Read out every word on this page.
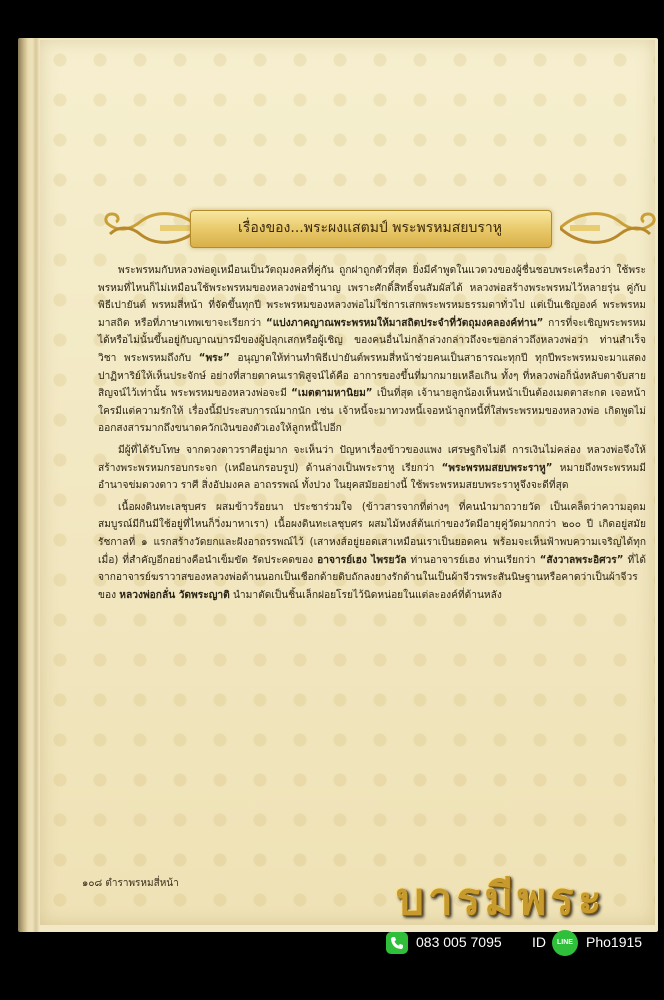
เรื่องของ...พระผงแสตมป์ พระพรหมสยบราหู

พระพรหมกับหลวงพ่อดูเหมือนเป็นวัตถุมงคลที่คู่กัน ถูกฝาถูกตัวที่สุด ยิ่งมีคำพูดในแวดวงของผู้ชื่นชอบพระเครื่องว่า ใช้พระพรหมที่ไหนก็ไม่เหมือนใช้พระพรหมของหลวงพ่อชำนาญ เพราะศักดิ์สิทธิ์จนสัมผัสได้ หลวงพ่อสร้างพระพรหมไว้หลายรุ่น คู่กับพิธีเปายันต์ พรหมสี่หน้า ที่จัดขึ้นทุกปี พระพรหมของหลวงพ่อไม่ใช่การเสกพระพรหมธรรมดาทั่วไป แต่เป็นเชิญองค์ พระพรหมมาสถิต หรือที่ภาษาเทพเขาจะเรียกว่า “แบ่งภาคญาณพระพรหมให้มาสถิตประจำที่วัตถุมงคลองค์ท่าน” การที่จะเชิญพระพรหมได้หรือไม่นั้นขึ้นอยู่กับญาณบารมีของผู้ปลุกเสกหรือผู้เชิญ ของคนอื่นไม่กล้าล่วงกล่าวถึงจะขอกล่าวถึงหลวงพ่อว่า ท่านสำเร็จวิชา พระพรหมถึงกับ “พระ” อนุญาตให้ท่านทำพิธีเปายันต์พรหมสี่หน้าช่วยคนเป็นสาธารณะทุกปี ทุกปีพระพรหมจะมาแสดงปาฏิหาริย์ให้เห็นประจักษ์ อย่างที่สายตาคนเราพิสูจน์ได้คือ อาการของขึ้นที่มากมายเหลือเกิน ทั้งๆ ที่หลวงพ่อก็นั่งหลับตาจับสายสิญจน์ไว้เท่านั้น พระพรหมของหลวงพ่อจะมี “เมตตามหานิยม” เป็นที่สุด เจ้านายลูกน้องเห็นหน้าเป็นต้องเมตตาสะกด เจอหน้าใครมีแต่ความรักให้ เรื่องนี้มีประสบการณ์มากนัก เช่น เจ้าหนี้จะมาทวงหนี้เจอหน้าลูกหนี้ที่ใส่พระพรหมของหลวงพ่อ เกิดพูดไม่ออกสงสารมากถึงขนาดควักเงินของตัวเองให้ลูกหนี้ไปอีก

มีผู้ที่ได้รับโทษ จากดวงดาวราศีอยู่มาก จะเห็นว่า ปัญหาเรื่องข้าวของแพง เศรษฐกิจไม่ดี การเงินไม่คล่อง หลวงพ่อจึงให้สร้างพระพรหมกรอบกระจก (เหมือนกรอบรูป) ด้านล่างเป็นพระราหู เรียกว่า “พระพรหมสยบพระราหู” หมายถึงพระพรหมมีอำนาจข่มดวงดาว ราศี สิ่งอัปมงคล อาถรรพณ์ ทั้งปวง ในยุคสมัยอย่างนี้ ใช้พระพรหมสยบพระราหูจึงจะดีที่สุด

เนื้อผงดินทะเลชุบศร ผสมข้าวร้อยนา ประชาร่วมใจ (ข้าวสารจากที่ต่างๆ ที่คนนำมาถวายวัด เป็นเคล็ดว่าความอุดมสมบูรณ์มีกินมีใช้อยู่ที่ไหนก็วิ่งมาหาเรา) เนื้อผงดินทะเลชุบศร ผสมไม้หงส์ต้นเก่าของวัดมีอายุคู่วัดมากกว่า ๒๐๐ ปี เกิดอยู่สมัยรัชกาลที่ ๑ แรกสร้างวัดยกและฝังอาถรรพณ์ไว้ (เสาหงส์อยู่ยอดเสาเหมือนเราเป็นยอดคน พร้อมจะเห็นฟ้าพบความเจริญได้ทุกเมื่อ) ที่สำคัญอีกอย่างคือนำเข็มขัด รัดประคดของ อาจารย์เฮง ไพรยวัล ท่านอาจารย์เฮง ท่านเรียกว่า “สังวาลพระอิศวร” ที่ได้จากอาจารย์ฆราวาสของหลวงพ่อด้านนอกเป็นเชือกด้ายดิบถักลงยางรักด้านในเป็นผ้าจีวรพระสันนิษฐานหรือคาดว่าเป็นผ้าจีวรของ หลวงพ่อกลั่น วัดพระญาติ นำมาตัดเป็นชิ้นเล็กฝอยโรยไว้นิดหน่อยในแต่ละองค์ที่ด้านหลัง

๑๐๘ ตำราพรหมสี่หน้า	บารมีพระ
083 005 7095 ID	LINE Pho1915
